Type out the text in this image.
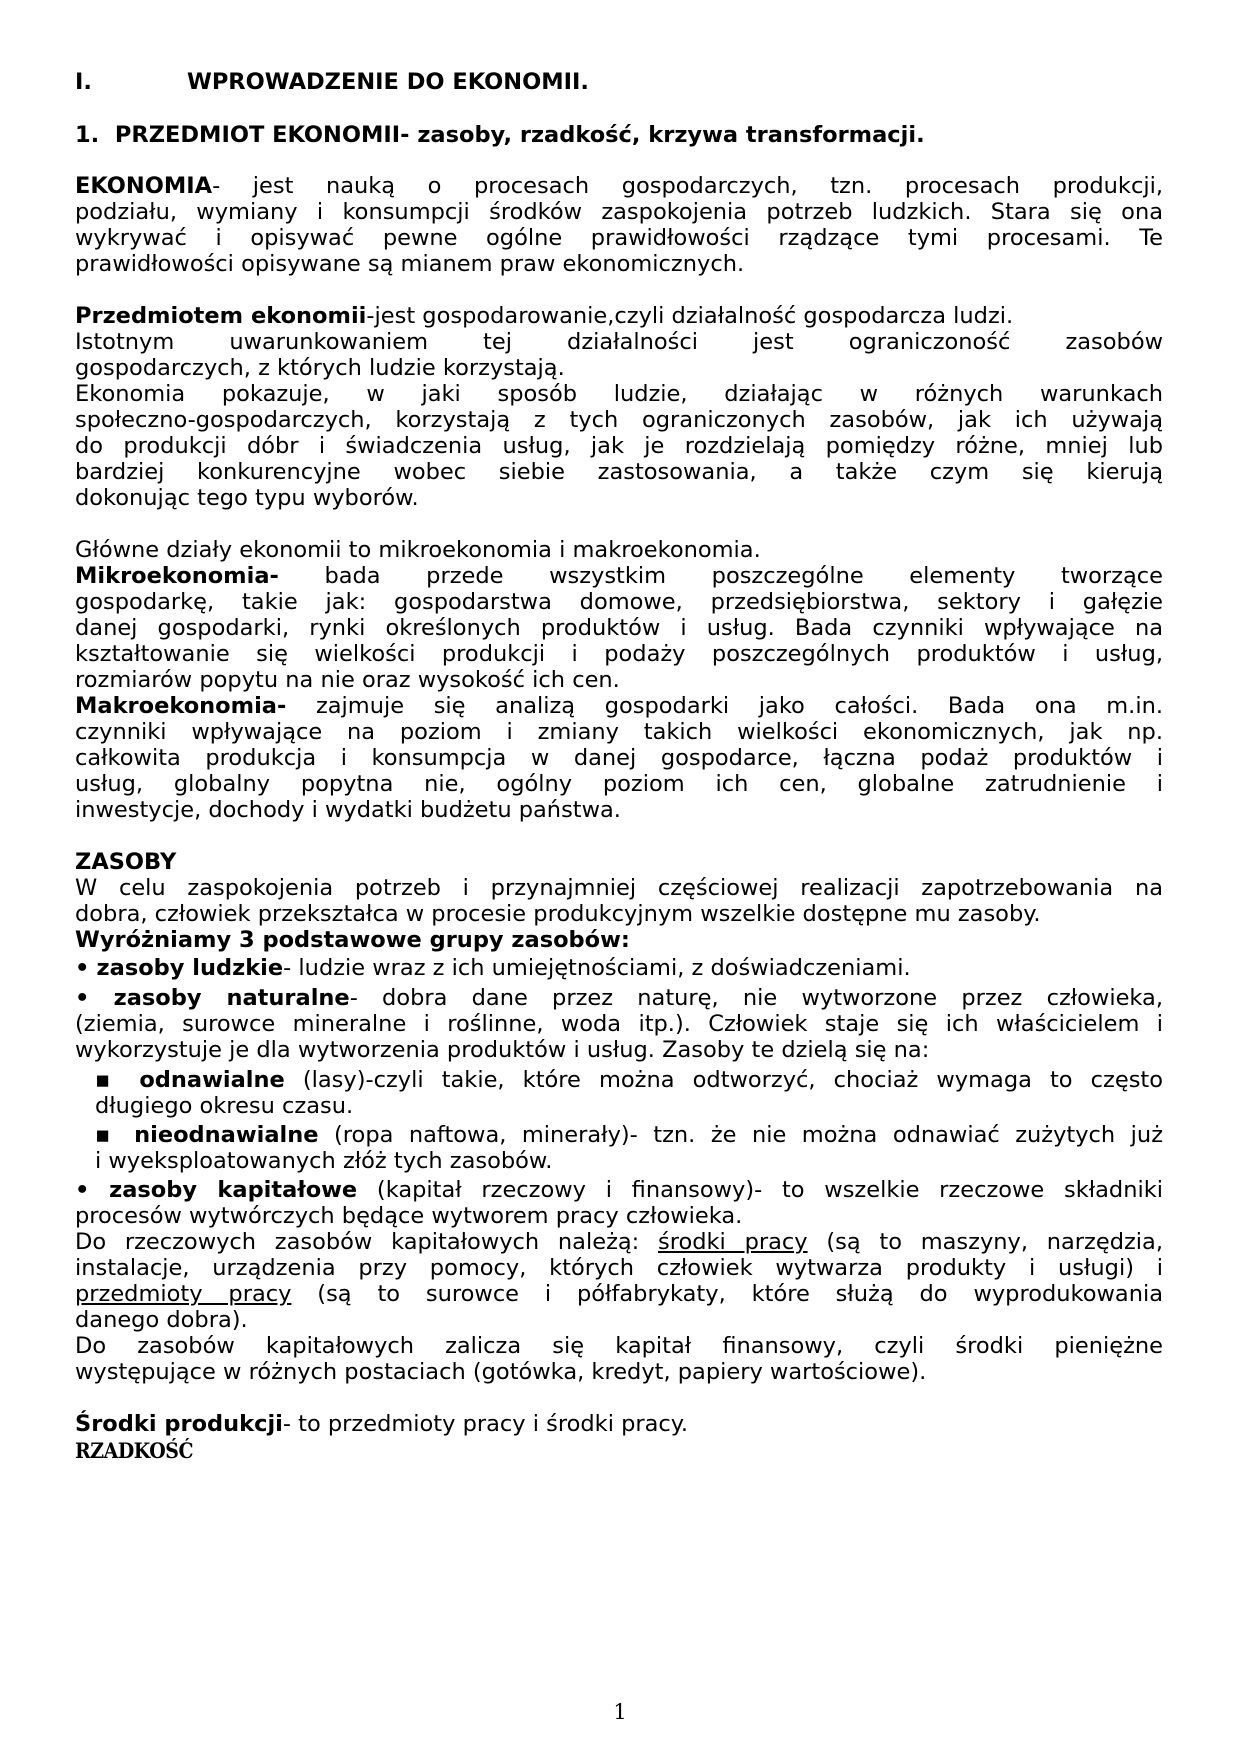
I.	WPROWADZENIE DO EKONOMII.
1. PRZEDMIOT EKONOMII- zasoby, rzadkość, krzywa transformacji.
EKONOMIA- jest nauką o procesach gospodarczych, tzn. procesach produkcji,
podziału, wymiany i konsumpcji środków zaspokojenia potrzeb ludzkich. Stara się ona
wykrywać i opisywać pewne ogólne prawidłowości rządzące tymi procesami. Te
prawidłowości opisywane są mianem praw ekonomicznych.
Przedmiotem ekonomii-jest gospodarowanie,czyli działalność gospodarcza ludzi.
Istotnym uwarunkowaniem tej działalności jest ograniczoność zasobów
gospodarczych, z których ludzie korzystają.
Ekonomia pokazuje, w jaki sposób ludzie, działając w różnych warunkach
społeczno-gospodarczych, korzystają z tych ograniczonych zasobów, jak ich używają
do produkcji dóbr i świadczenia usług, jak je rozdzielają pomiędzy różne, mniej lub
bardziej konkurencyjne wobec siebie zastosowania, a także czym się kierują
dokonując tego typu wyborów.
Główne działy ekonomii to mikroekonomia i makroekonomia.
Mikroekonomia- bada przede wszystkim poszczególne elementy tworzące
gospodarkę, takie jak: gospodarstwa domowe, przedsiębiorstwa, sektory i gałęzie
danej gospodarki, rynki określonych produktów i usług. Bada czynniki wpływające na
kształtowanie się wielkości produkcji i podaży poszczególnych produktów i usług,
rozmiarów popytu na nie oraz wysokość ich cen.
Makroekonomia- zajmuje się analizą gospodarki jako całości. Bada ona m.in.
czynniki wpływające na poziom i zmiany takich wielkości ekonomicznych, jak np.
całkowita produkcja i konsumpcja w danej gospodarce, łączna podaż produktów i
usług, globalny popytna nie, ogólny poziom ich cen, globalne zatrudnienie i
inwestycje, dochody i wydatki budżetu państwa.
ZASOBY
W celu zaspokojenia potrzeb i przynajmniej częściowej realizacji zapotrzebowania na
dobra, człowiek przekształca w procesie produkcyjnym wszelkie dostępne mu zasoby.
Wyróżniamy 3 podstawowe grupy zasobów:
• zasoby ludzkie- ludzie wraz z ich umiejętnościami, z doświadczeniami.
• zasoby naturalne- dobra dane przez naturę, nie wytworzone przez człowieka,
(ziemia, surowce mineralne i roślinne, woda itp.). Człowiek staje się ich właścicielem i
wykorzystuje je dla wytworzenia produktów i usług. Zasoby te dzielą się na:
▪ odnawialne (lasy)-czyli takie, które można odtworzyć, chociaż wymaga to często
długiego okresu czasu.
▪ nieodnawialne (ropa naftowa, minerały)- tzn. że nie można odnawiać zużytych już
i wyeksploatowanych złóż tych zasobów.
• zasoby kapitałowe (kapitał rzeczowy i finansowy)- to wszelkie rzeczowe składniki
procesów wytwórczych będące wytworem pracy człowieka.
Do rzeczowych zasobów kapitałowych należą: środki pracy (są to maszyny, narzędzia,
instalacje, urządzenia przy pomocy, których człowiek wytwarza produkty i usługi) i
przedmioty pracy (są to surowce i półfabrykaty, które służą do wyprodukowania
danego dobra).
Do zasobów kapitałowych zalicza się kapitał finansowy, czyli środki pieniężne
występujące w różnych postaciach (gotówka, kredyt, papiery wartościowe).
Środki produkcji- to przedmioty pracy i środki pracy.
RZADKOŚĆ
1
